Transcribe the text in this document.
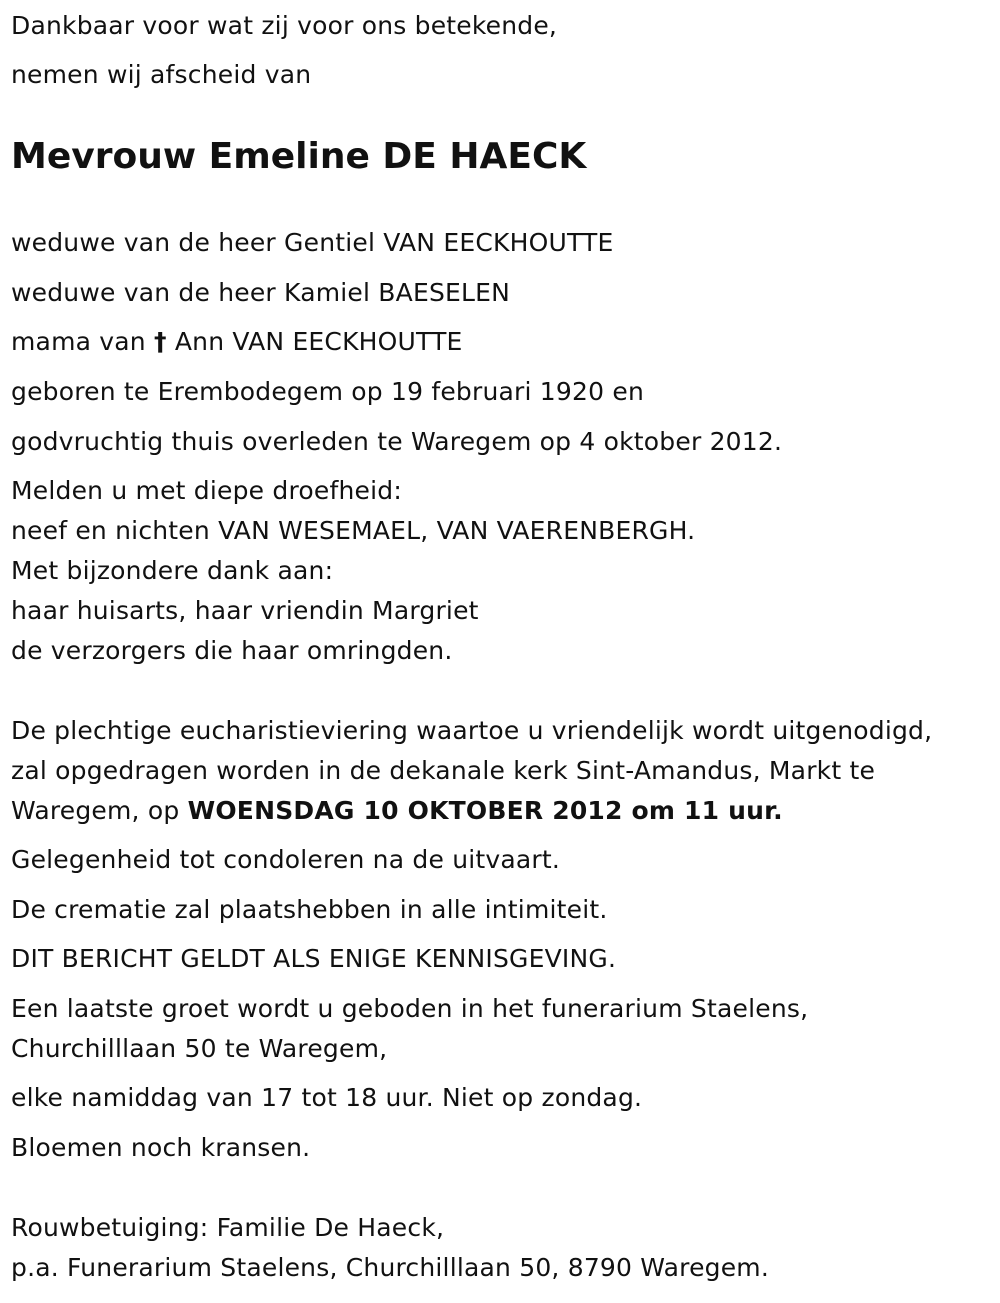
Dankbaar voor wat zij voor ons betekende,
nemen wij afscheid van
Mevrouw Emeline DE HAECK
weduwe van de heer Gentiel VAN EECKHOUTTE
weduwe van de heer Kamiel BAESELEN
mama van † Ann VAN EECKHOUTTE
geboren te Erembodegem op 19 februari 1920 en
godvruchtig thuis overleden te Waregem op 4 oktober 2012.
Melden u met diepe droefheid:
neef en nichten VAN WESEMAEL, VAN VAERENBERGH.
Met bijzondere dank aan:
haar huisarts, haar vriendin Margriet
de verzorgers die haar omringden.
De plechtige eucharistieviering waartoe u vriendelijk wordt uitgenodigd,
zal opgedragen worden in de dekanale kerk Sint-Amandus, Markt te
Waregem, op WOENSDAG 10 OKTOBER 2012 om 11 uur.
Gelegenheid tot condoleren na de uitvaart.
De crematie zal plaatshebben in alle intimiteit.
DIT BERICHT GELDT ALS ENIGE KENNISGEVING.
Een laatste groet wordt u geboden in het funerarium Staelens,
Churchilllaan 50 te Waregem,
elke namiddag van 17 tot 18 uur. Niet op zondag.
Bloemen noch kransen.
Rouwbetuiging: Familie De Haeck,
p.a. Funerarium Staelens, Churchilllaan 50, 8790 Waregem.
